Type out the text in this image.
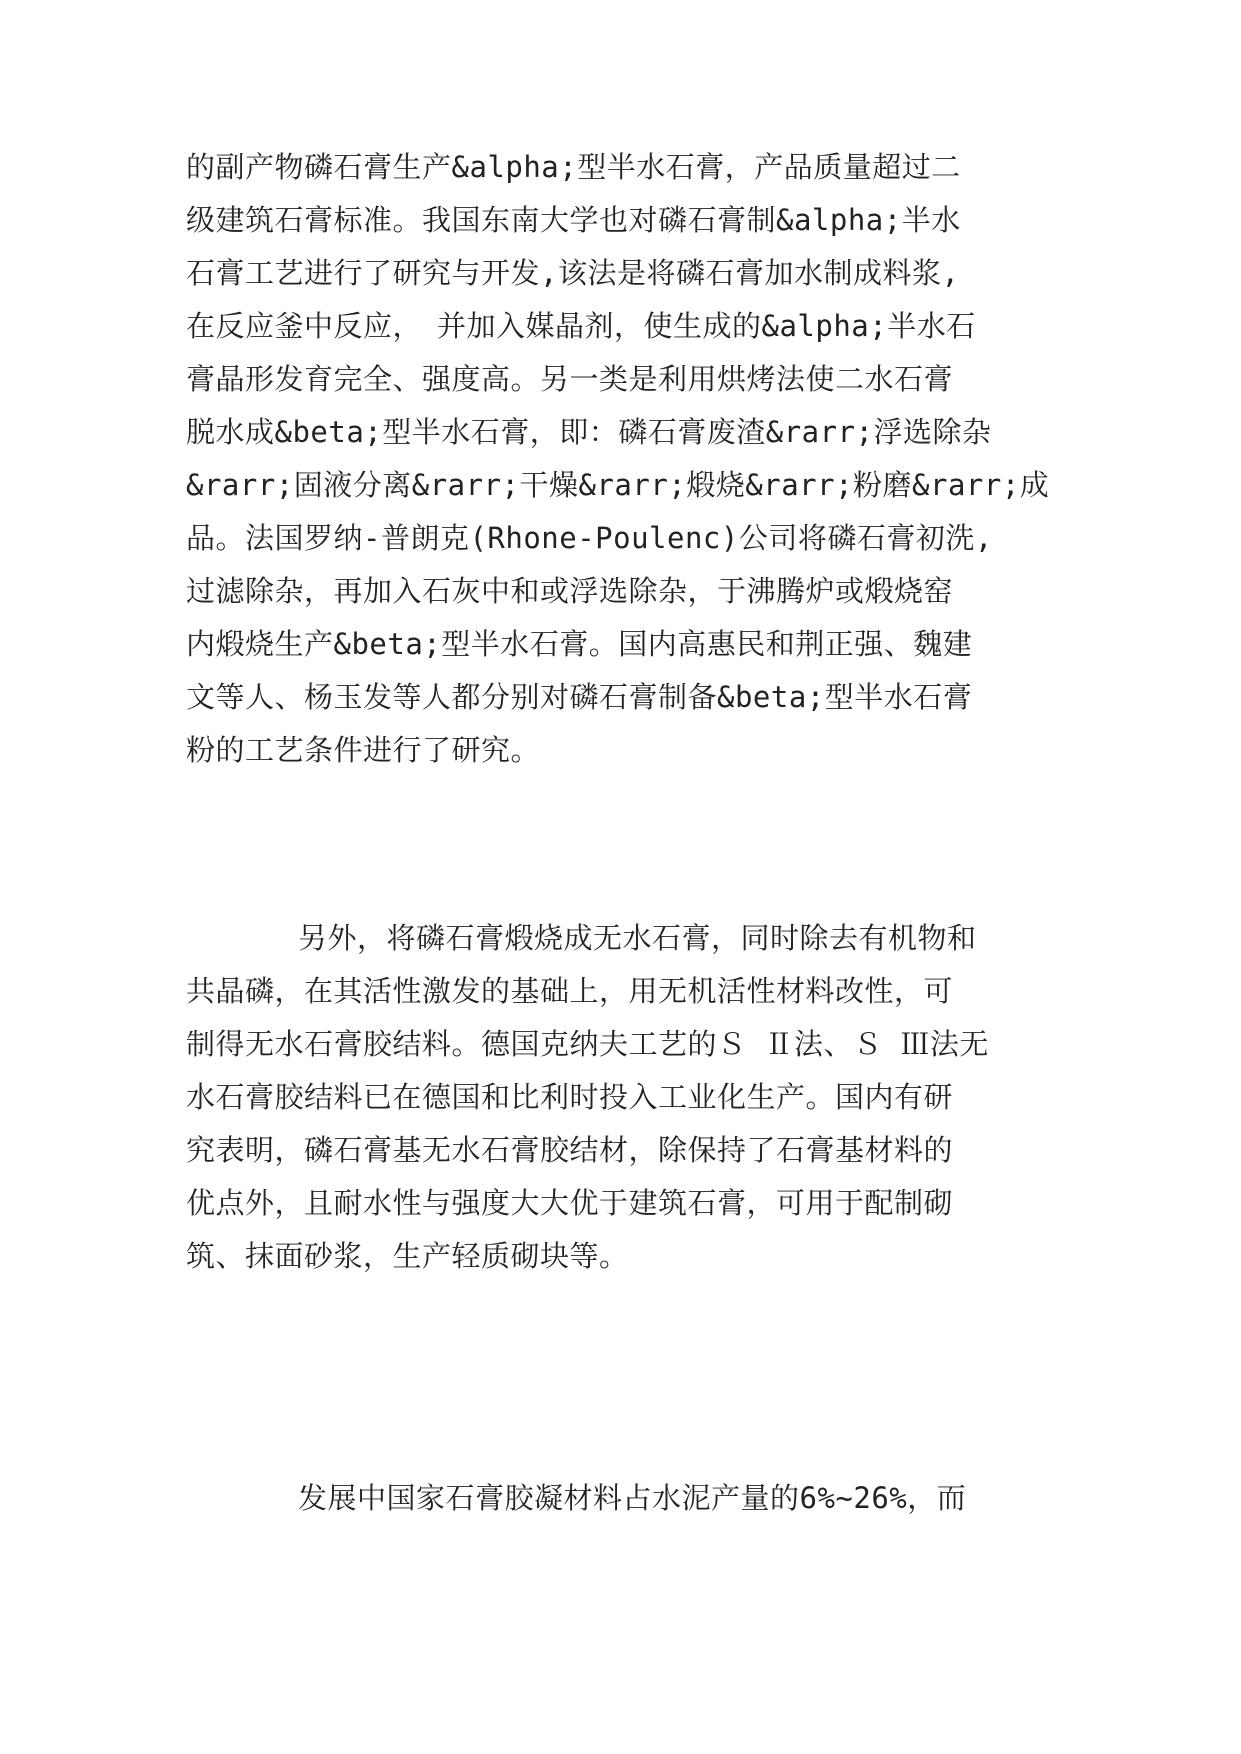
的副产物磷石膏生产&alpha;型半水石膏，产品质量超过二
级建筑石膏标准。我国东南大学也对磷石膏制&alpha;半水
石膏工艺进行了研究与开发,该法是将磷石膏加水制成料浆,
在反应釜中反应，　并加入媒晶剂，使生成的&alpha;半水石
膏晶形发育完全、强度高。另一类是利用烘烤法使二水石膏
脱水成&beta;型半水石膏，即：磷石膏废渣&rarr;浮选除杂
&rarr;固液分离&rarr;干燥&rarr;煅烧&rarr;粉磨&rarr;成
品。法国罗纳-普朗克(Rhone-Poulenc)公司将磷石膏初洗,
过滤除杂，再加入石灰中和或浮选除杂，于沸腾炉或煅烧窑
内煅烧生产&beta;型半水石膏。国内高惠民和荆正强、魏建
文等人、杨玉发等人都分别对磷石膏制备&beta;型半水石膏
粉的工艺条件进行了研究。
另外，将磷石膏煅烧成无水石膏，同时除去有机物和
共晶磷，在其活性激发的基础上，用无机活性材料改性，可
制得无水石膏胶结料。德国克纳夫工艺的Ｓ Ⅱ法、Ｓ Ⅲ法无
水石膏胶结料已在德国和比利时投入工业化生产。国内有研
究表明，磷石膏基无水石膏胶结材，除保持了石膏基材料的
优点外，且耐水性与强度大大优于建筑石膏，可用于配制砌
筑、抹面砂浆，生产轻质砌块等。
发展中国家石膏胶凝材料占水泥产量的6%~26%，而
